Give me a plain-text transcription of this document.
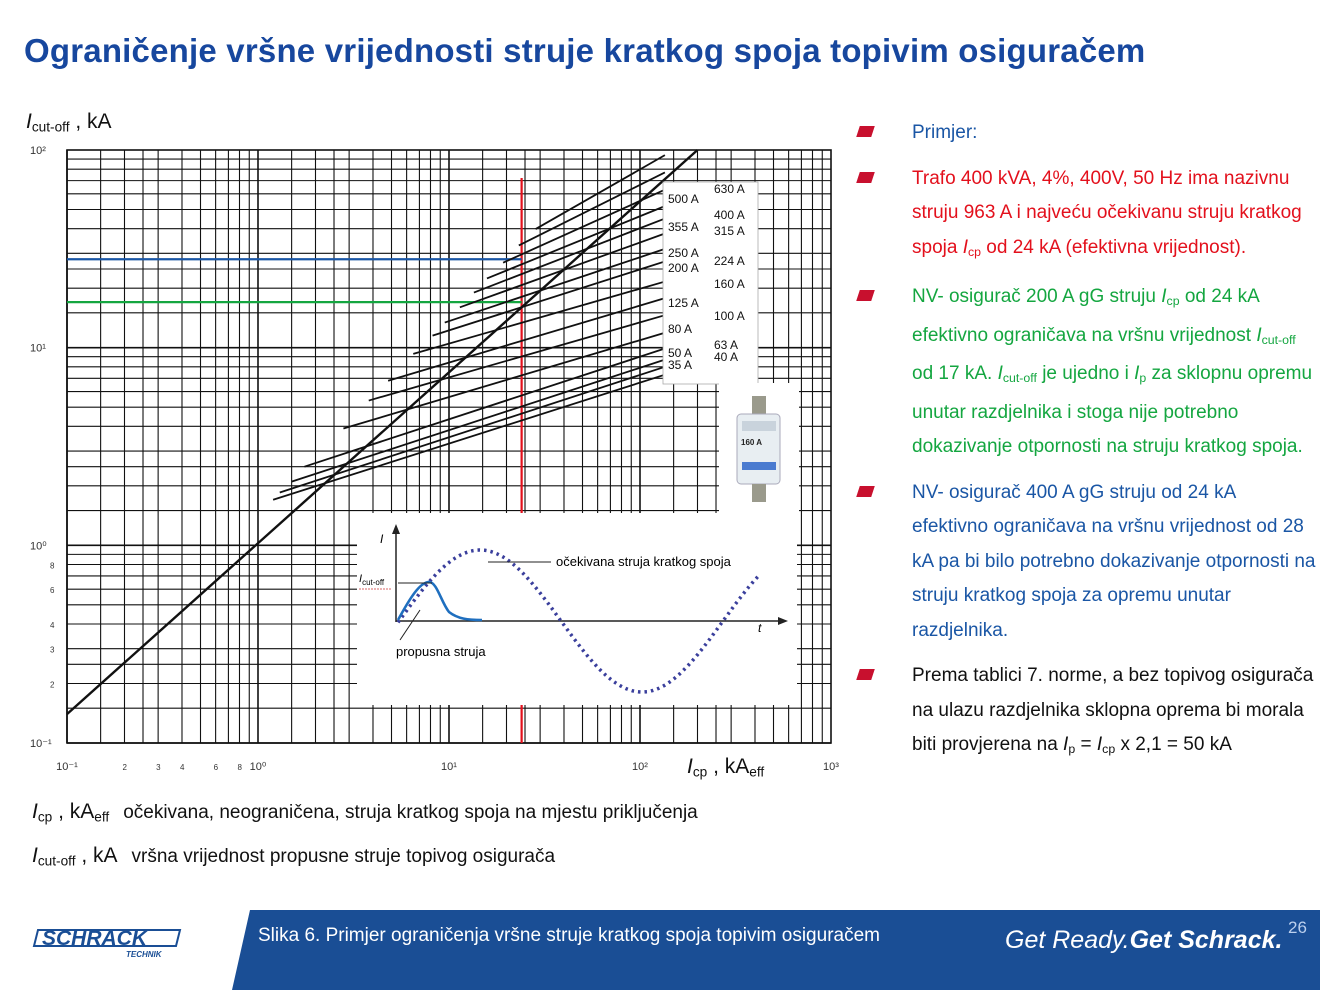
Ograničenje vršne vrijednosti struje kratkog spoja topivim osiguračem
$I_{cut-off}$ , kA
10⁻¹	2	3 4	6 8 10⁰	10¹	10²	10³
10²
10¹
10⁰
8
6
4
3
2
10⁻¹
500 A
355 A
250 A
200 A
125 A
80 A
50 A
35 A
630 A
400 A
315 A
224 A
160 A
100 A
63 A
40 A
160 A
I
t
$I_{cut-off}$
očekivana struja kratkog spoja
propusna struja
$I_{cp}$ , $kA_{eff}$
$I_{cp}$ , $kA_{eff}$ očekivana, neograničena, struja kratkog spoja na mjestu priključenja
$I_{cut-off}$ , kA vršna vrijednost propusne struje topivog osigurača
Primjer:
Trafo 400 kVA, 4%, 400V, 50 Hz ima nazivnu struju 963 A i najveću očekivanu struju kratkog spoja $I_{cp}$ od 24 kA (efektivna vrijednost).
NV- osigurač 200 A gG struju $I_{cp}$ od 24 kA efektivno ograničava na vršnu vrijednost $I_{cut-off}$ od 17 kA. $I_{cut-off}$ je ujedno i $I_p$ za sklopnu opremu unutar razdjelnika i stoga nije potrebno dokazivanje otpornosti na struju kratkog spoja.
NV- osigurač 400 A gG struju od 24 kA efektivno ograničava na vršnu vrijednost od 28 kA pa bi bilo potrebno dokazivanje otpornosti na struju kratkog spoja za opremu unutar razdjelnika.
Prema tablici 7. norme, a bez topivog osigurača na ulazu razdjelnika sklopna oprema bi morala biti provjerena na $I_p = I_{cp}$ x 2,1 = 50 kA
SCHRACK
TECHNIK
Slika 6. Primjer ograničenja vršne struje kratkog spoja topivim osiguračem	Get Ready.Get Schrack. 26
